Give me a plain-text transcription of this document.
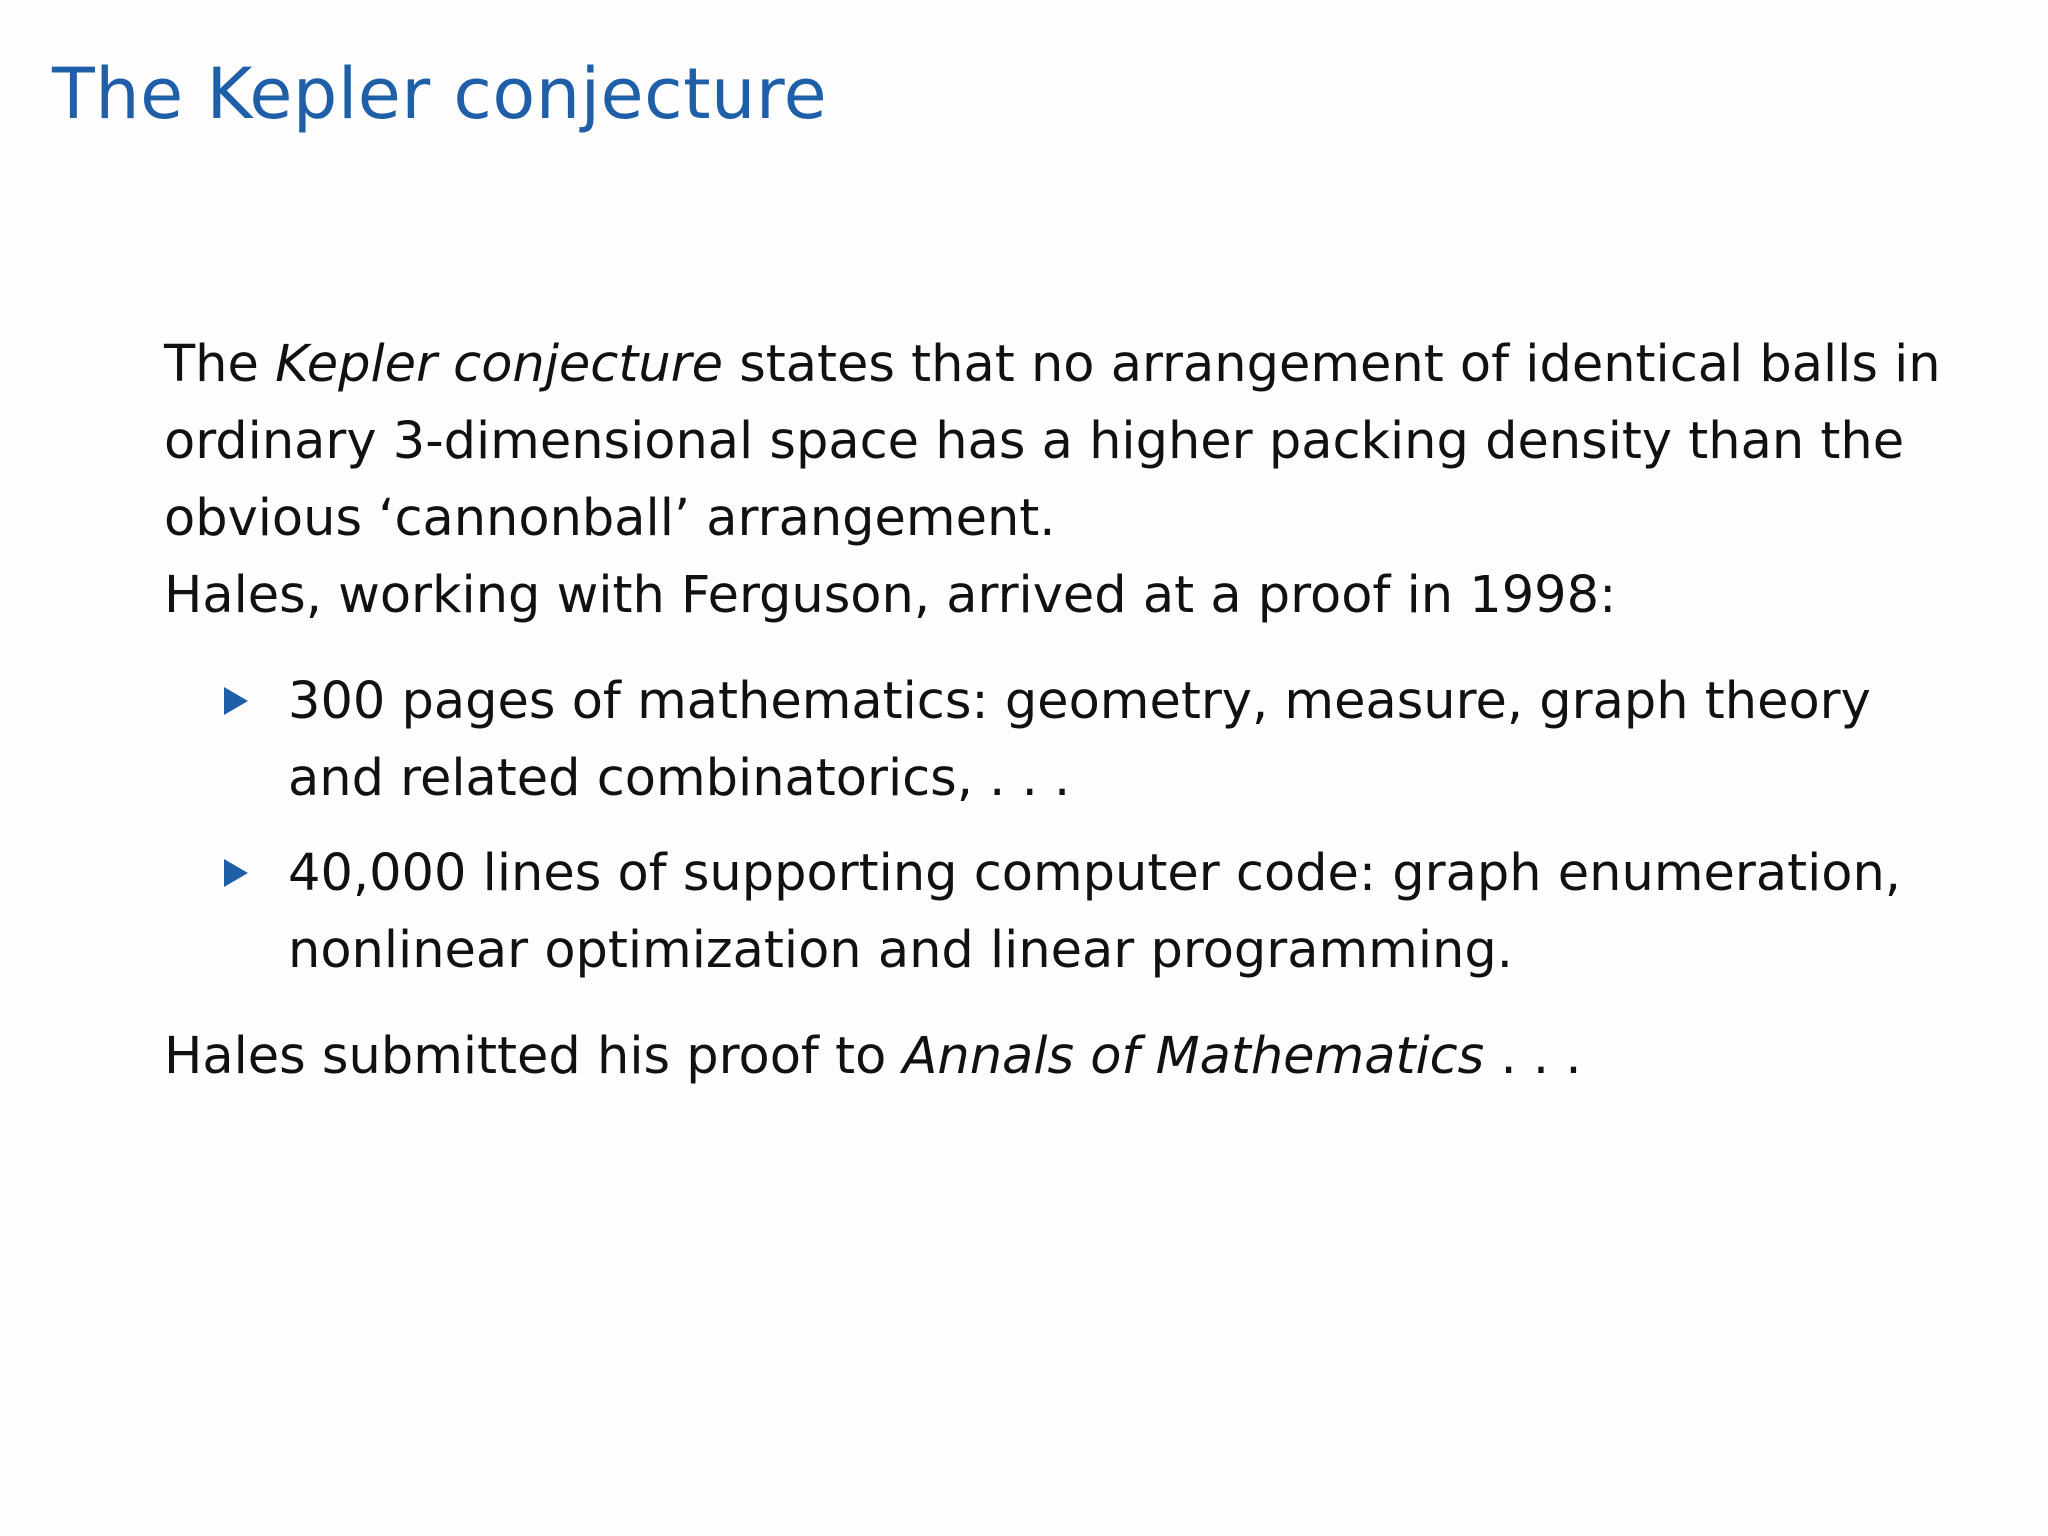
The Kepler conjecture

The Kepler conjecture states that no arrangement of identical balls in ordinary 3-dimensional space has a higher packing density than the obvious ‘cannonball’ arrangement.

Hales, working with Ferguson, arrived at a proof in 1998:

300 pages of mathematics: geometry, measure, graph theory and related combinatorics, . . .
40,000 lines of supporting computer code: graph enumeration, nonlinear optimization and linear programming.

Hales submitted his proof to Annals of Mathematics . . .
